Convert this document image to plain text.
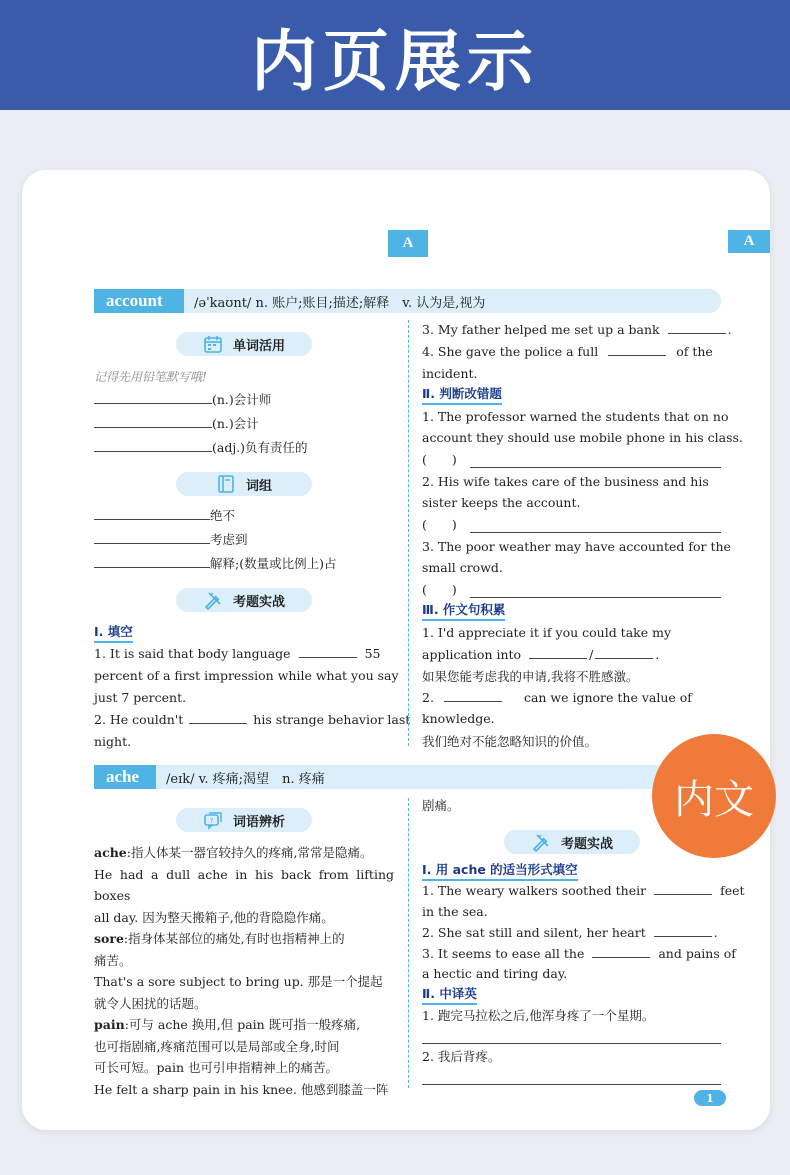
内页展示
A	A
account	/əˈkaʊnt/ n. 账户;账目;描述;解释　v. 认为是,视为
单词活用
记得先用铅笔默写哦!
(n.)会计师
(n.)会计
(adj.)负有责任的
词组
绝不
考虑到
解释;(数量或比例上)占
考题实战
Ⅰ. 填空
1. It is said that body language	55
percent of a first impression while what you say
just 7 percent.
2. He couldn't	his strange behavior last
night.
3. My father helped me set up a bank	.
4. She gave the police a full	of the
incident.
Ⅱ. 判断改错题
1. The professor warned the students that on no
account they should use mobile phone in his class.
(　　)
2. His wife takes care of the business and his
sister keeps the account.
(　　)
3. The poor weather may have accounted for the
small crowd.
(　　)
Ⅲ. 作文句积累
1. I'd appreciate it if you could take my
application into	/	.
如果您能考虑我的申请,我将不胜感激。
2.	can we ignore the value of
knowledge.
我们绝对不能忽略知识的价值。
ache	/eɪk/ v. 疼痛;渴望　n. 疼痛
? 词语辨析
ache:指人体某一器官较持久的疼痛,常常是隐痛。
He had a dull ache in his back from lifting boxes
all day. 因为整天搬箱子,他的背隐隐作痛。
sore:指身体某部位的痛处,有时也指精神上的
痛苦。
That's a sore subject to bring up. 那是一个提起
就令人困扰的话题。
pain:可与 ache 换用,但 pain 既可指一般疼痛,
也可指剧痛,疼痛范围可以是局部或全身,时间
可长可短。pain 也可引申指精神上的痛苦。
He felt a sharp pain in his knee. 他感到膝盖一阵
剧痛。
考题实战
Ⅰ. 用 ache 的适当形式填空
1. The weary walkers soothed their	feet
in the sea.
2. She sat still and silent, her heart	.
3. It seems to ease all the	and pains of
a hectic and tiring day.
Ⅱ. 中译英
1. 跑完马拉松之后,他浑身疼了一个星期。
2. 我后背疼。
1
内文
